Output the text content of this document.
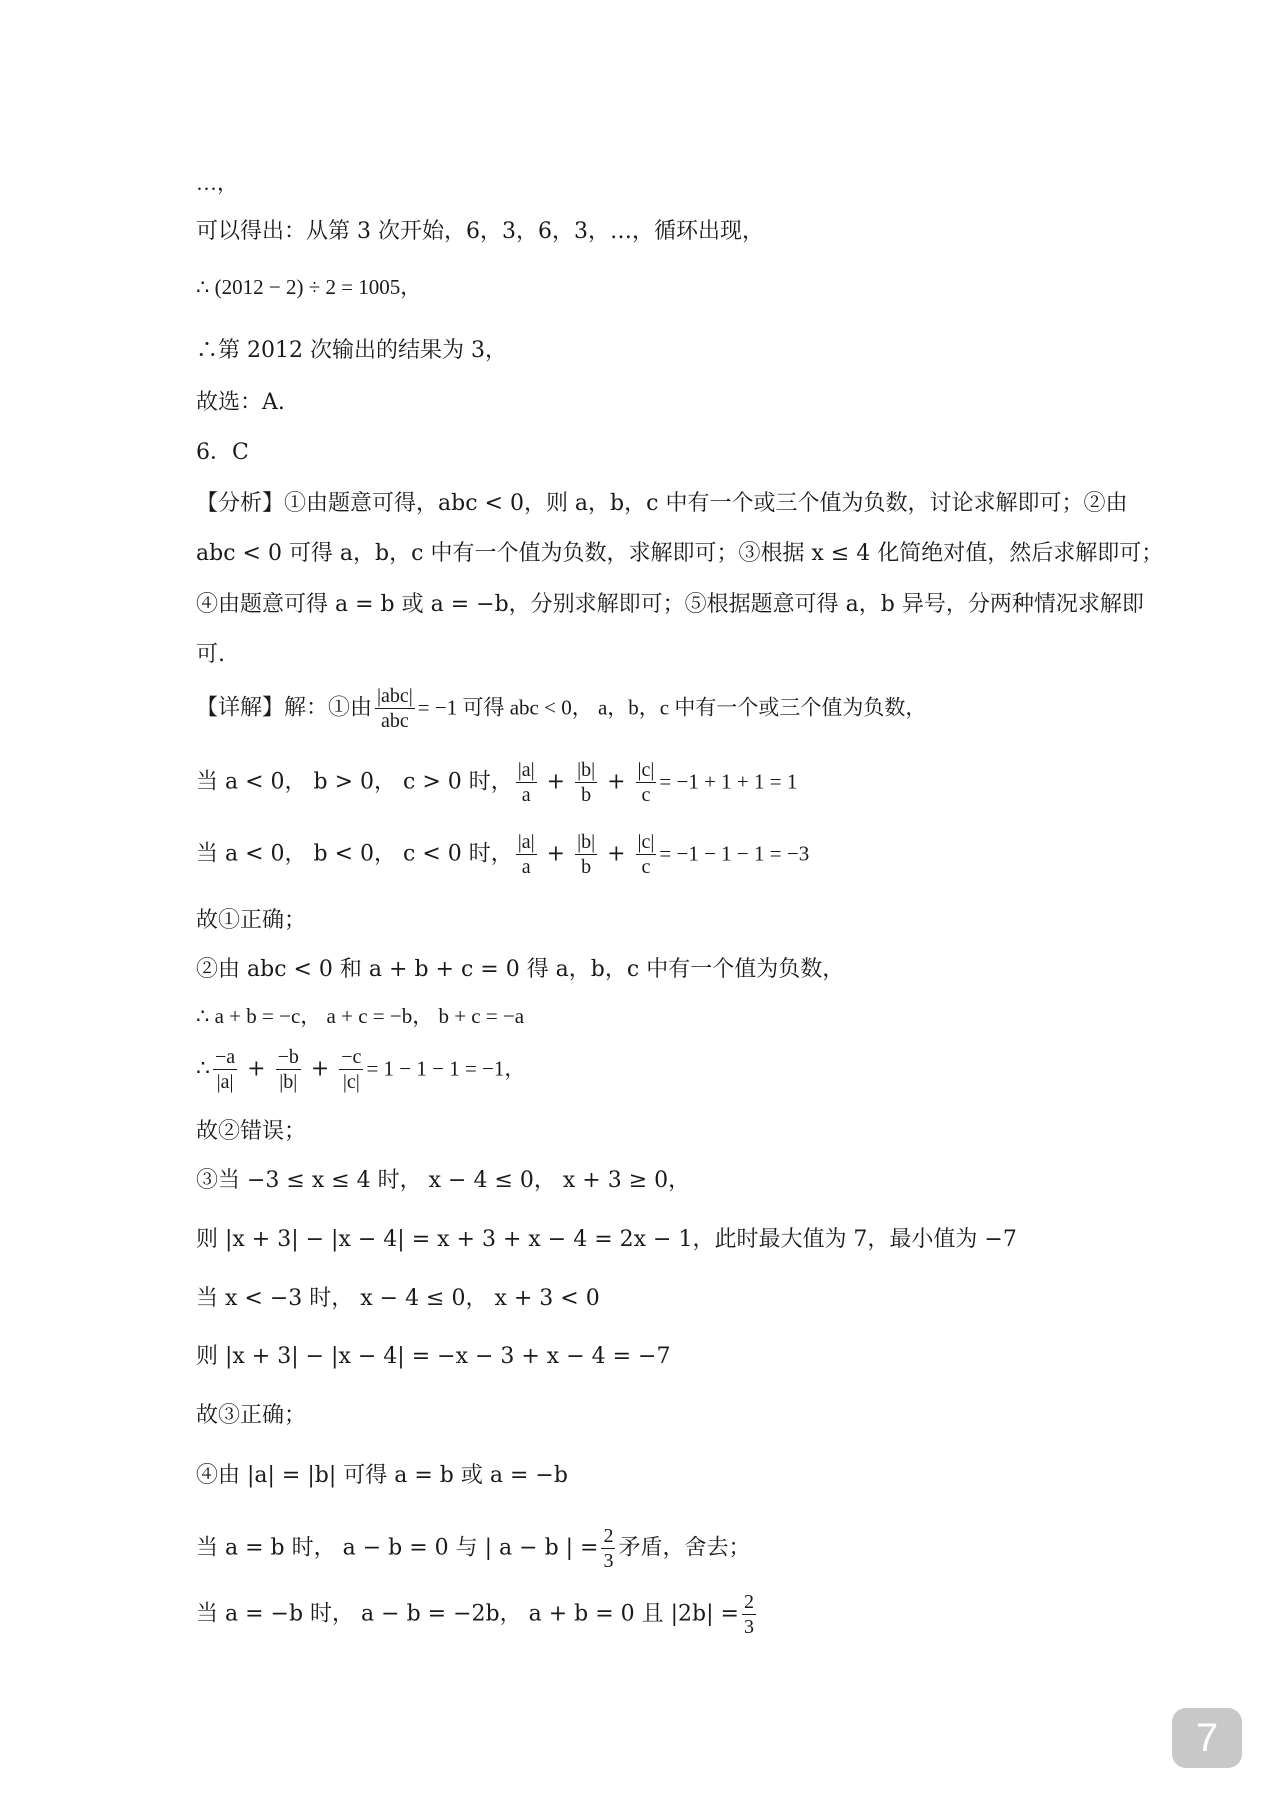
…，
可以得出：从第 3 次开始，6，3，6，3，…，循环出现，
∴ (2012 − 2) ÷ 2 = 1005，
∴第 2012 次输出的结果为 3，
故选：A.
6．C
【分析】①由题意可得，abc < 0，则 a，b，c 中有一个或三个值为负数，讨论求解即可；②由
abc < 0 可得 a，b，c 中有一个值为负数，求解即可；③根据 x ≤ 4 化简绝对值，然后求解即可；
④由题意可得 a = b 或 a = −b，分别求解即可；⑤根据题意可得 a，b 异号，分两种情况求解即
可.
【详解】解：①由 $\frac{\text{|abc|}}{\text{abc}} = -1$ 可得 abc < 0， a，b，c 中有一个或三个值为负数，
当 a < 0， b > 0， c > 0 时， $\frac{|a|}{a} + \frac{|b|}{b} + \frac{|c|}{c} = -1 + 1 + 1 = 1$
当 a < 0， b < 0， c < 0 时， $\frac{|a|}{a} + \frac{|b|}{b} + \frac{|c|}{c} = -1 - 1 - 1 = -3$
故①正确；
②由 abc < 0 和 a + b + c = 0 得 a，b，c 中有一个值为负数，
∴ a + b = −c， a + c = −b， b + c = −a
∴ $\frac{-a}{|a|} + \frac{-b}{|b|} + \frac{-c}{|c|} = 1 - 1 - 1 = -1$，
故②错误；
③当 −3 ≤ x ≤ 4 时， x − 4 ≤ 0， x + 3 ≥ 0，
则 |x + 3| − |x − 4| = x + 3 + x − 4 = 2x − 1，此时最大值为 7，最小值为 −7
当 x < −3 时， x − 4 ≤ 0， x + 3 < 0
则 |x + 3| − |x − 4| = −x − 3 + x − 4 = −7
故③正确；
④由 |a| = |b| 可得 a = b 或 a = −b
当 a = b 时， a − b = 0 与 | a − b | = $\frac{2}{3}$ 矛盾，舍去；
当 a = −b 时， a − b = −2b， a + b = 0 且 $|2b| = \frac{2}{3}$
7
